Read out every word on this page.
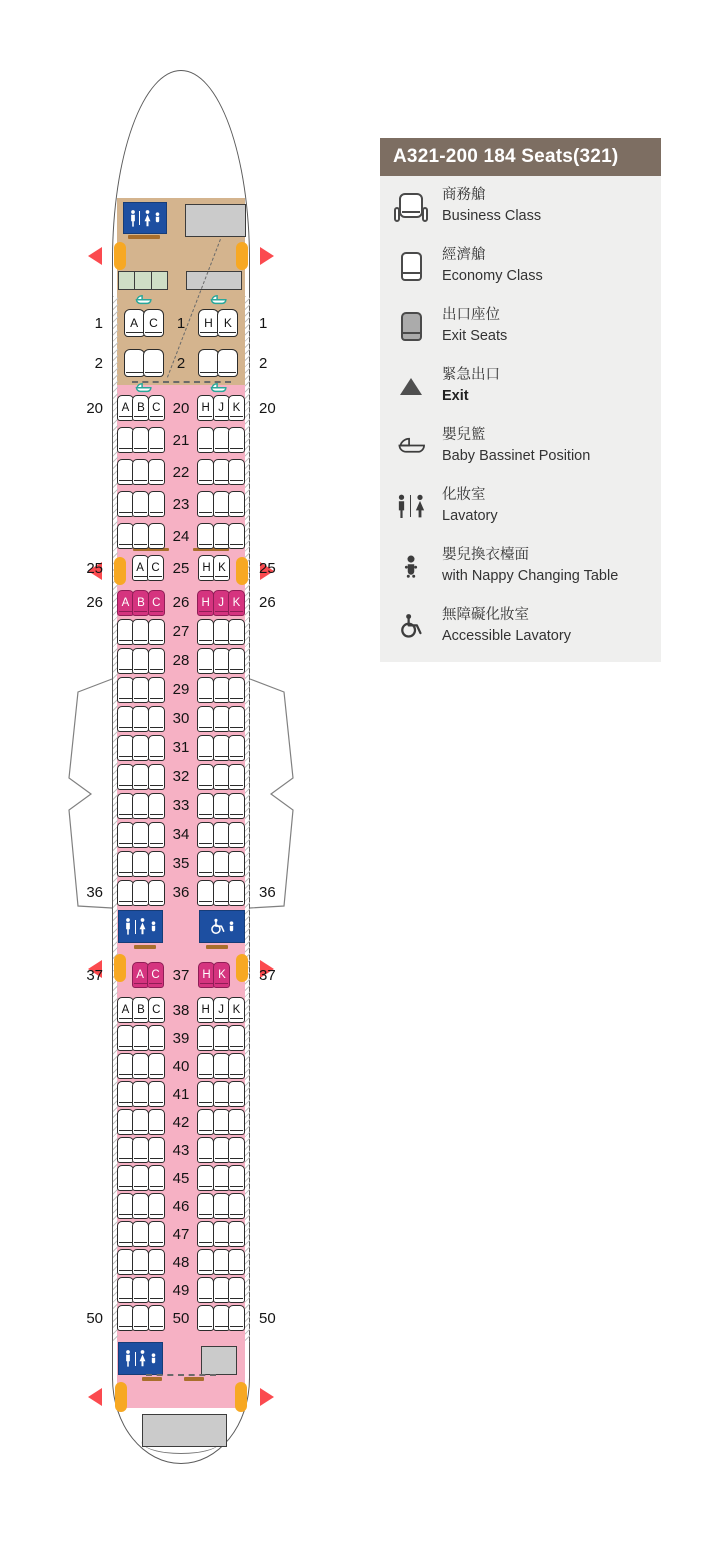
1	A C	1	H K	1
2	2	2
20	A B C 20	H J K	20
21
22
23
24
25	A C 25	H K	25
26	A B C 26	H J K	26
27
28
29
30
31
32
33
34
35
36	36	36
37	A C 37	H K	37
A B C 38	H J K
39
40
41
42
43
45
46
47
48
49
50	50	50
A321-200 184 Seats(321)
商務艙
Business Class
經濟艙
Economy Class
出口座位
Exit Seats
緊急出口
Exit
嬰兒籃
Baby Bassinet Position
化妝室
Lavatory
嬰兒換衣檯面
with Nappy Changing Table
無障礙化妝室
Accessible Lavatory
